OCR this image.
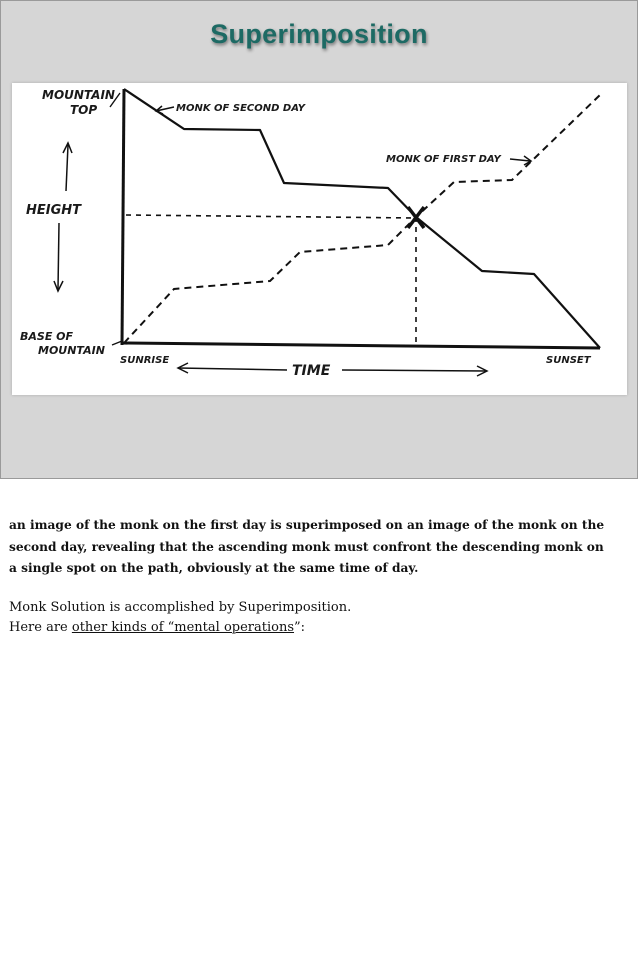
Superimposition
MOUNTAIN
TOP	MONK OF SECOND DAY
MONK OF FIRST DAY
HEIGHT
BASE OF
MOUNTAIN
SUNRISE
TIME
SUNSET

an image of the monk on the first day is superimposed on an image of the monk on the second day, revealing that the ascending monk must confront the descending monk on a single spot on the path, obviously at the same time of day.

Monk Solution is accomplished by Superimposition.

Here are other kinds of “mental operations”:
